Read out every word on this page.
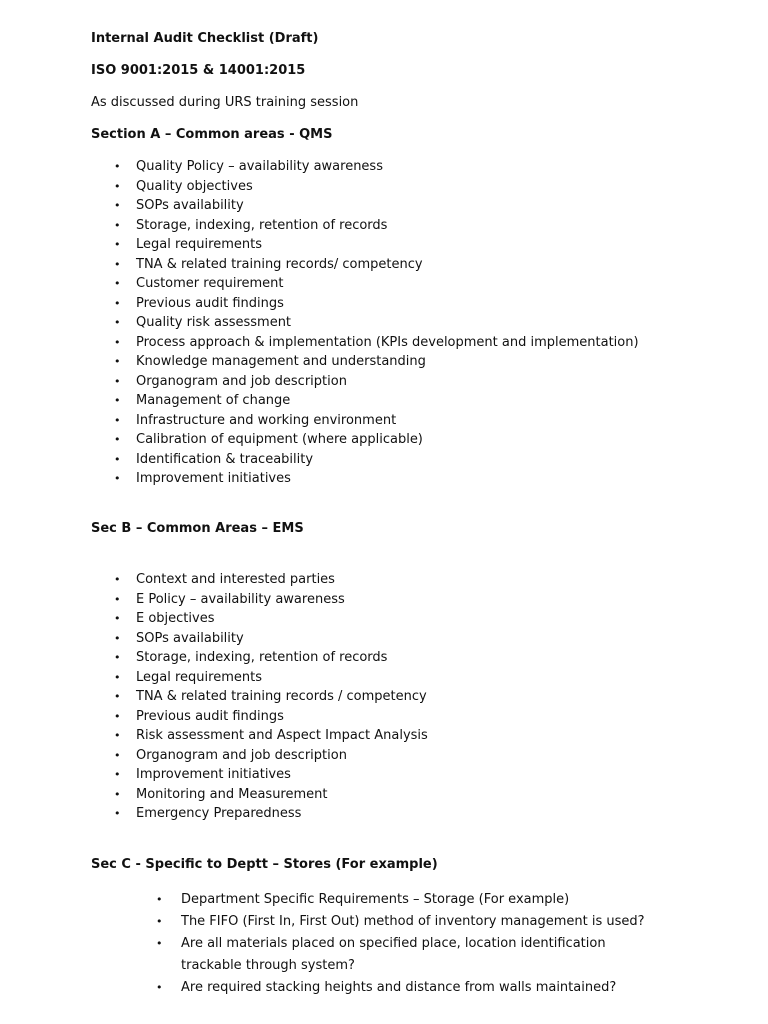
Internal Audit Checklist (Draft)
ISO 9001:2015 & 14001:2015
As discussed during URS training session
Section A – Common areas - QMS
• Quality Policy – availability awareness
• Quality objectives
• SOPs availability
• Storage, indexing, retention of records
• Legal requirements
• TNA & related training records/ competency
• Customer requirement
• Previous audit findings
• Quality risk assessment
• Process approach & implementation (KPIs development and implementation)
• Knowledge management and understanding
• Organogram and job description
• Management of change
• Infrastructure and working environment
• Calibration of equipment (where applicable)
• Identification & traceability
• Improvement initiatives
Sec B – Common Areas – EMS
• Context and interested parties
• E Policy – availability awareness
• E objectives
• SOPs availability
• Storage, indexing, retention of records
• Legal requirements
• TNA & related training records / competency
• Previous audit findings
• Risk assessment and Aspect Impact Analysis
• Organogram and job description
• Improvement initiatives
• Monitoring and Measurement
• Emergency Preparedness
Sec C - Specific to Deptt – Stores (For example)
• Department Specific Requirements – Storage (For example)
• The FIFO (First In, First Out) method of inventory management is used?
• Are all materials placed on specified place, location identification trackable through system?
• Are required stacking heights and distance from walls maintained?
